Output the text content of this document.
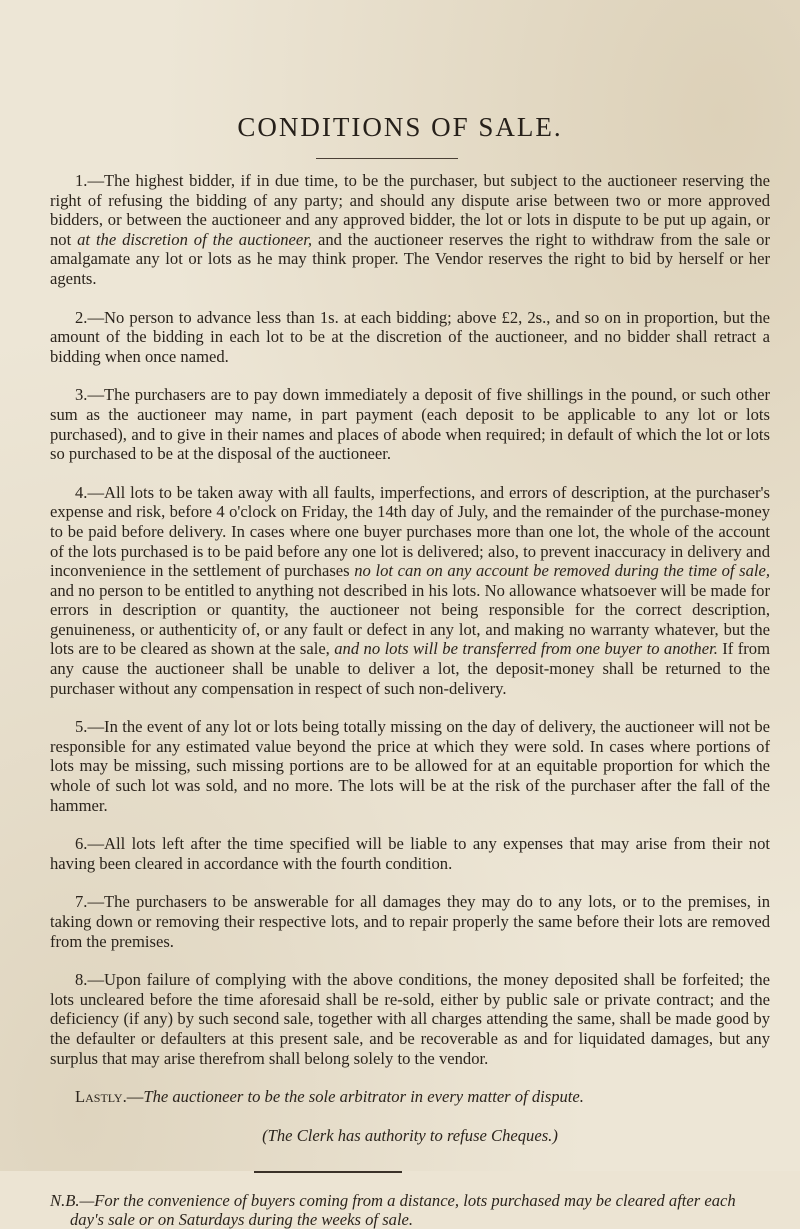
CONDITIONS OF SALE.

1.—The highest bidder, if in due time, to be the purchaser, but subject to the auctioneer reserving the right of refusing the bidding of any party; and should any dispute arise between two or more approved bidders, or between the auctioneer and any approved bidder, the lot or lots in dispute to be put up again, or not at the discretion of the auctioneer, and the auctioneer reserves the right to withdraw from the sale or amalgamate any lot or lots as he may think proper. The Vendor reserves the right to bid by herself or her agents.

2.—No person to advance less than 1s. at each bidding; above £2, 2s., and so on in proportion, but the amount of the bidding in each lot to be at the discretion of the auctioneer, and no bidder shall retract a bidding when once named.

3.—The purchasers are to pay down immediately a deposit of five shillings in the pound, or such other sum as the auctioneer may name, in part payment (each deposit to be applicable to any lot or lots purchased), and to give in their names and places of abode when required; in default of which the lot or lots so purchased to be at the disposal of the auctioneer.

4.—All lots to be taken away with all faults, imperfections, and errors of description, at the purchaser's expense and risk, before 4 o'clock on Friday, the 14th day of July, and the remainder of the purchase-money to be paid before delivery. In cases where one buyer purchases more than one lot, the whole of the account of the lots purchased is to be paid before any one lot is delivered; also, to prevent inaccuracy in delivery and inconvenience in the settlement of purchases no lot can on any account be removed during the time of sale, and no person to be entitled to anything not described in his lots. No allowance whatsoever will be made for errors in description or quantity, the auctioneer not being responsible for the correct description, genuineness, or authenticity of, or any fault or defect in any lot, and making no warranty whatever, but the lots are to be cleared as shown at the sale, and no lots will be transferred from one buyer to another. If from any cause the auctioneer shall be unable to deliver a lot, the deposit-money shall be returned to the purchaser without any compensation in respect of such non-delivery.

5.—In the event of any lot or lots being totally missing on the day of delivery, the auctioneer will not be responsible for any estimated value beyond the price at which they were sold. In cases where portions of lots may be missing, such missing portions are to be allowed for at an equitable proportion for which the whole of such lot was sold, and no more. The lots will be at the risk of the purchaser after the fall of the hammer.

6.—All lots left after the time specified will be liable to any expenses that may arise from their not having been cleared in accordance with the fourth condition.

7.—The purchasers to be answerable for all damages they may do to any lots, or to the premises, in taking down or removing their respective lots, and to repair properly the same before their lots are removed from the premises.

8.—Upon failure of complying with the above conditions, the money deposited shall be forfeited; the lots uncleared before the time aforesaid shall be re-sold, either by public sale or private contract; and the deficiency (if any) by such second sale, together with all charges attending the same, shall be made good by the defaulter or defaulters at this present sale, and be recoverable as and for liquidated damages, but any surplus that may arise therefrom shall belong solely to the vendor.

Lastly.—The auctioneer to be the sole arbitrator in every matter of dispute.

(The Clerk has authority to refuse Cheques.)

N.B.—For the convenience of buyers coming from a distance, lots purchased may be cleared after each day's sale or on Saturdays during the weeks of sale.
